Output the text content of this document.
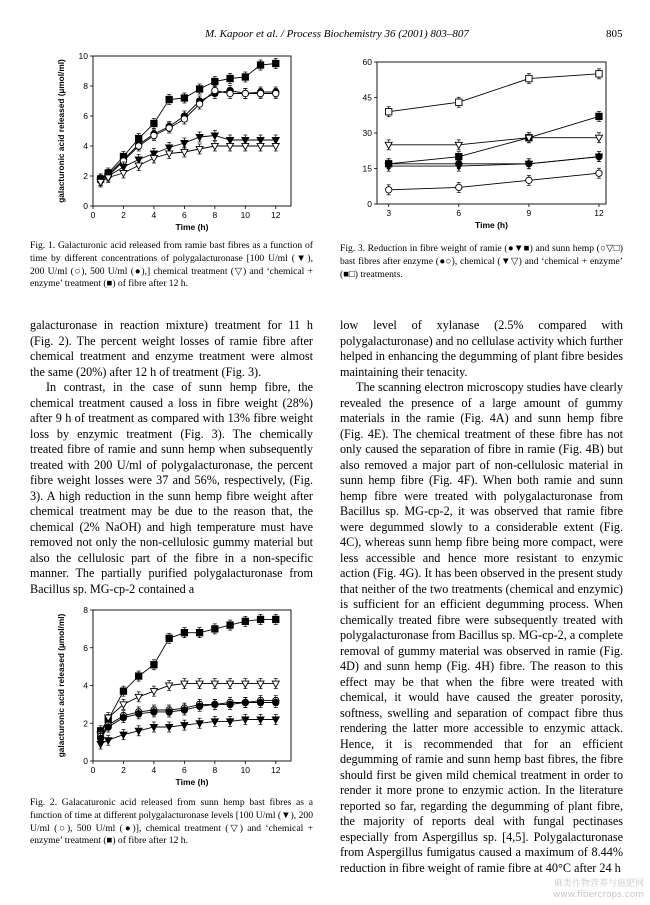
M. Kapoor et al. / Process Biochemistry 36 (2001) 803–807	805
0	2	4	6	8	10 12
0
2
4
6
8
10
Time (h)
galacturonic acid released (µmol/ml)

Fig. 1. Galacturonic acid released from ramie bast fibres as a function of time by different concentrations of polygalacturonase [100 U/ml (▼), 200 U/ml (○), 500 U/ml (●),] chemical treatment (▽) and ‘chemical + enzyme’ treatment (■) of fibre after 12 h.

3	6	9	12
0
15
30
45
60
Time (h)

Fig. 3. Reduction in fibre weight of ramie (●▼■) and sunn hemp (○▽□) bast fibres after enzyme (●○), chemical (▼▽) and ‘chemical + enzyme’ (■□) treatments.

0	2	4	6	8	10 12
0
2
4
6
8
Time (h)
galacturonic acid released (µmol/ml)

Fig. 2. Galacaturonic acid released from sunn hemp bast fibres as a function of time at different polygalacturonase levels [100 U/ml (▼), 200 U/ml (○), 500 U/ml (●)], chemical treatment (▽) and ‘chemical + enzyme’ treatment (■) of fibre after 12 h.

galacturonase in reaction mixture) treatment for 11 h (Fig. 2). The percent weight losses of ramie fibre after chemical treatment and enzyme treatment were almost the same (20%) after 12 h of treatment (Fig. 3).

In contrast, in the case of sunn hemp fibre, the chemical treatment caused a loss in fibre weight (28%) after 9 h of treatment as compared with 13% fibre weight loss by enzymic treatment (Fig. 3). The chemically treated fibre of ramie and sunn hemp when subsequently treated with 200 U/ml of polygalacturonase, the percent fibre weight losses were 37 and 56%, respectively, (Fig. 3). A high reduction in the sunn hemp fibre weight after chemical treatment may be due to the reason that, the chemical (2% NaOH) and high temperature must have removed not only the non-cellulosic gummy material but also the cellulosic part of the fibre in a non-specific manner. The partially purified polygalacturonase from Bacillus sp. MG-cp-2 contained a

low level of xylanase (2.5% compared with polygalacturonase) and no cellulase activity which further helped in enhancing the degumming of plant fibre besides maintaining their tenacity.

The scanning electron microscopy studies have clearly revealed the presence of a large amount of gummy materials in the ramie (Fig. 4A) and sunn hemp fibre (Fig. 4E). The chemical treatment of these fibre has not only caused the separation of fibre in ramie (Fig. 4B) but also removed a major part of non-cellulosic material in sunn hemp fibre (Fig. 4F). When both ramie and sunn hemp fibre were treated with polygalacturonase from Bacillus sp. MG-cp-2, it was observed that ramie fibre were degummed slowly to a considerable extent (Fig. 4C), whereas sunn hemp fibre being more compact, were less accessible and hence more resistant to enzymic action (Fig. 4G). It has been observed in the present study that neither of the two treatments (chemical and enzymic) is sufficient for an efficient degumming process. When chemically treated fibre were subsequently treated with polygalacturonase from Bacillus sp. MG-cp-2, a complete removal of gummy material was observed in ramie (Fig. 4D) and sunn hemp (Fig. 4H) fibre. The reason to this effect may be that when the fibre were treated with chemical, it would have caused the greater porosity, softness, swelling and separation of compact fibre thus rendering the latter more accessible to enzymic attack. Hence, it is recommended that for an efficient degumming of ramie and sunn hemp bast fibres, the fibre should first be given mild chemical treatment in order to render it more prone to enzymic action. In the literature reported so far, regarding the degumming of plant fibre, the majority of reports deal with fungal pectinases especially from Aspergillus sp. [4,5]. Polygalacturonase from Aspergillus fumigatus caused a maximum of 8.44% reduction in fibre weight of ramie fibre at 40°C after 24 h

麻类作物营养与施肥网
www.fibercrops.com
